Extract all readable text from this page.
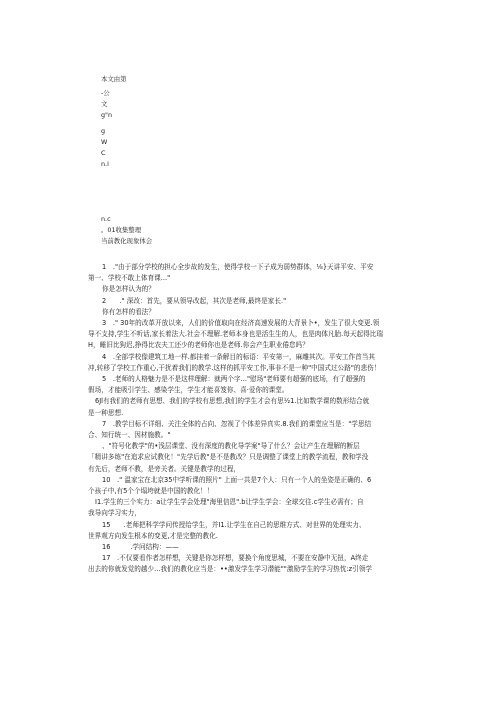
本文由第
-公
文
g"n
g
W
C
n.l
n.c
。01收集整理
当前教化现象体会

1　."由于部分学校的担心全步故的发生，使得学校一下子成为弱势群体，⅛}天讲平安、平安

第一、学校不敢上体育课..."

你是怎样认为的？

2　　." 深改：首先，要从领导改起，其次是老师,最终是家长."

你有怎样的看法？

3　." 30年的改革开放以来，人们的价值取向在经济高速发展的大背景卜•，发生了很大变更.领

导不支持,学生不听话,家长着法大.社会不理解.老师本身也是活生生的人，也是肉体凡胎.每天起得比瑞

H，睡旧比狗迟,挣得比农夫工还少的老师你也是老师.你会产生职业倦怠吗？

4　.全部学校像建筑工地一样.都挂着一条解目的标语：平安第一，麻雕其次。平安工作首当其

冲,转移了学校工作重心,干扰着我们的教学.这样的抓平安工作,事非不是一种"中国式过公路"的悲伤！

5　.老师的人格魅力是不是这样理解：就两个字..."慰场"老师要有超强的底场，有了超强的

假场，才能吸引学生、感染学生，学生才能喜笈你、喜·爱你的课堂。

6Jl有我们的老师有思想、我们的学校有思想,我们的学生才会有思½1.比如数学课的数形结合就

是一种思想.

7　.教学目标不详细、关注全体的占向、忽视了个体差异真实.8.我们的课堂应当是："学思结

合、知行统一、因材施教。"

、"符号化教学"的•浅层课堂、没有深度的教化导学案"导了什么？会让产生在理解的断层

「精讲多练"在追求应试教化！"先学后教"是不是教改？只是调整了课堂上的教学流程，教和学没

有先后，老师不教，是旁关者。关键是教学的过程，

10　." 温家宝在北京35中学听课的照片" 上面一共是7个人：只有一个人的坐姿是正确的、6

个孩子中,有5个个塌垮就是中国的教化！！

I1.学生的三个实力：a让学生学会处理"海里信恩".b让学生学会：全球交往.c学生必需有；自

我导向学习实力，

15　　.老师把科学学问传授给学生，并I1.让学生在自己的思维方式、对世界的处理实力、

世界观方向发生根本的变更,才是完整的教化.

16　　　.学问结构：——

17　.不仅要看作者怎样想，关键是你怎样想，要换个角度思城，不要在安静中无扭，A终走

出去的你就发觉的越少...我们的教化应当是：••激发学生学习潜能""激励学生的学习热忱:z引领学
